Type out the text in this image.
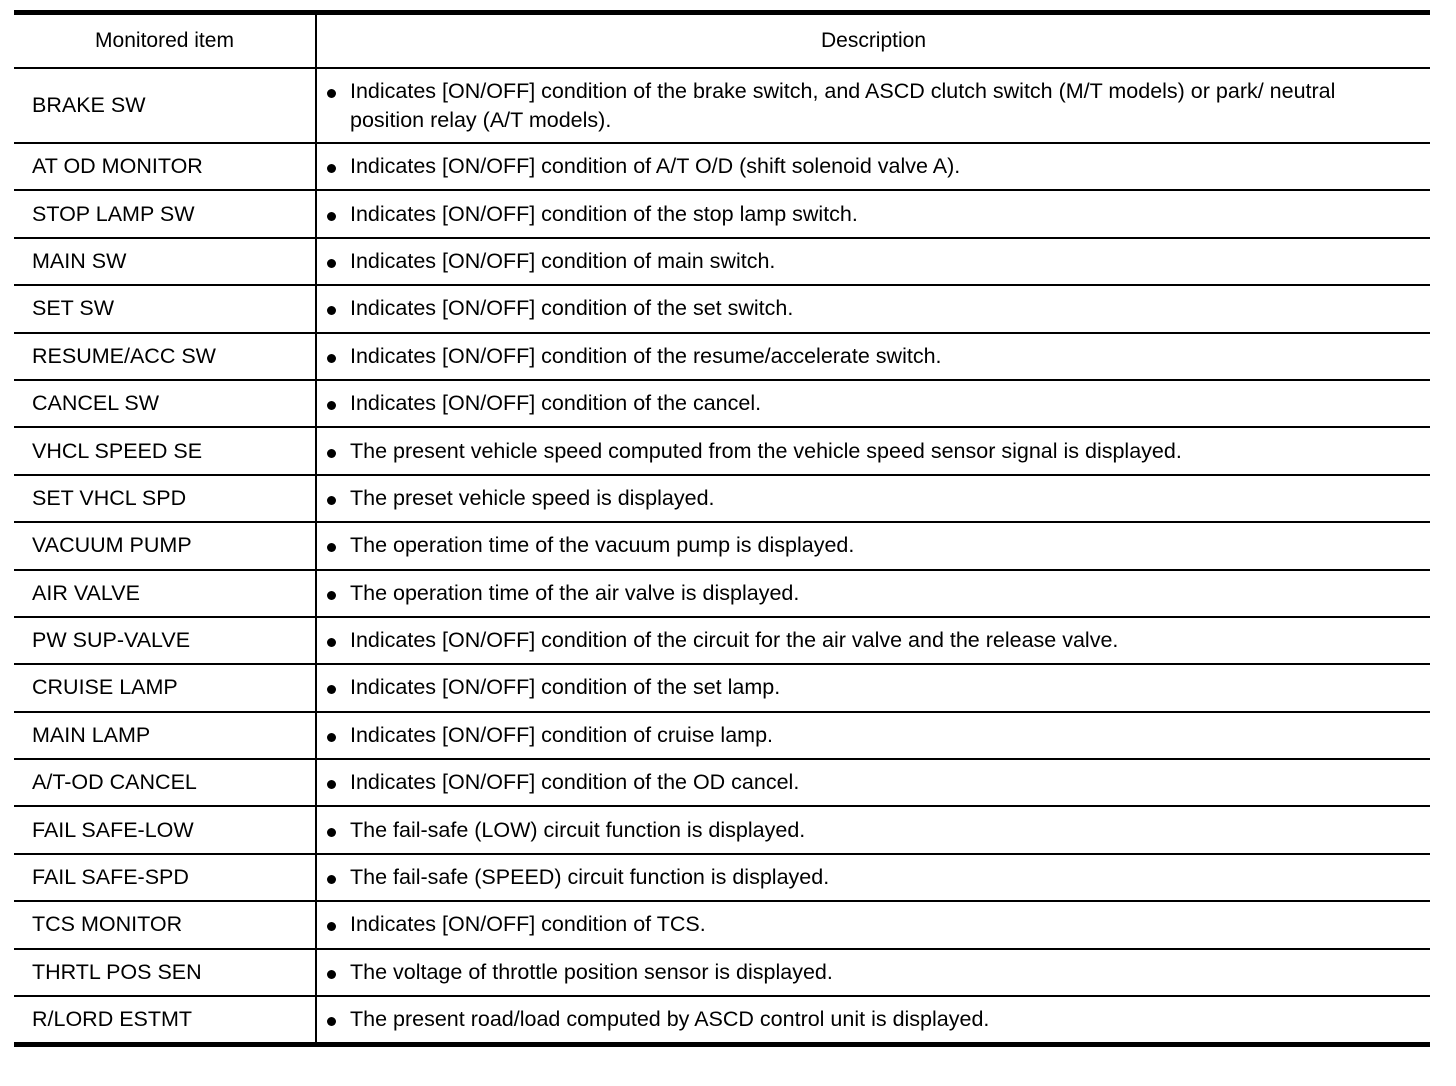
Monitored item	Description
BRAKE SW	Indicates [ON/OFF] condition of the brake switch, and ASCD clutch switch (M/T models) or park/ neutral position relay (A/T models).

AT OD MONITOR	Indicates [ON/OFF] condition of A/T O/D (shift solenoid valve A).

STOP LAMP SW	Indicates [ON/OFF] condition of the stop lamp switch.

MAIN SW	Indicates [ON/OFF] condition of main switch.

SET SW	Indicates [ON/OFF] condition of the set switch.

RESUME/ACC SW	Indicates [ON/OFF] condition of the resume/accelerate switch.

CANCEL SW	Indicates [ON/OFF] condition of the cancel.

VHCL SPEED SE	The present vehicle speed computed from the vehicle speed sensor signal is displayed.

SET VHCL SPD	The preset vehicle speed is displayed.

VACUUM PUMP	The operation time of the vacuum pump is displayed.

AIR VALVE	The operation time of the air valve is displayed.

PW SUP-VALVE	Indicates [ON/OFF] condition of the circuit for the air valve and the release valve.

CRUISE LAMP	Indicates [ON/OFF] condition of the set lamp.

MAIN LAMP	Indicates [ON/OFF] condition of cruise lamp.

A/T-OD CANCEL	Indicates [ON/OFF] condition of the OD cancel.

FAIL SAFE-LOW	The fail-safe (LOW) circuit function is displayed.

FAIL SAFE-SPD	The fail-safe (SPEED) circuit function is displayed.

TCS MONITOR	Indicates [ON/OFF] condition of TCS.

THRTL POS SEN	The voltage of throttle position sensor is displayed.

R/LORD ESTMT	The present road/load computed by ASCD control unit is displayed.
